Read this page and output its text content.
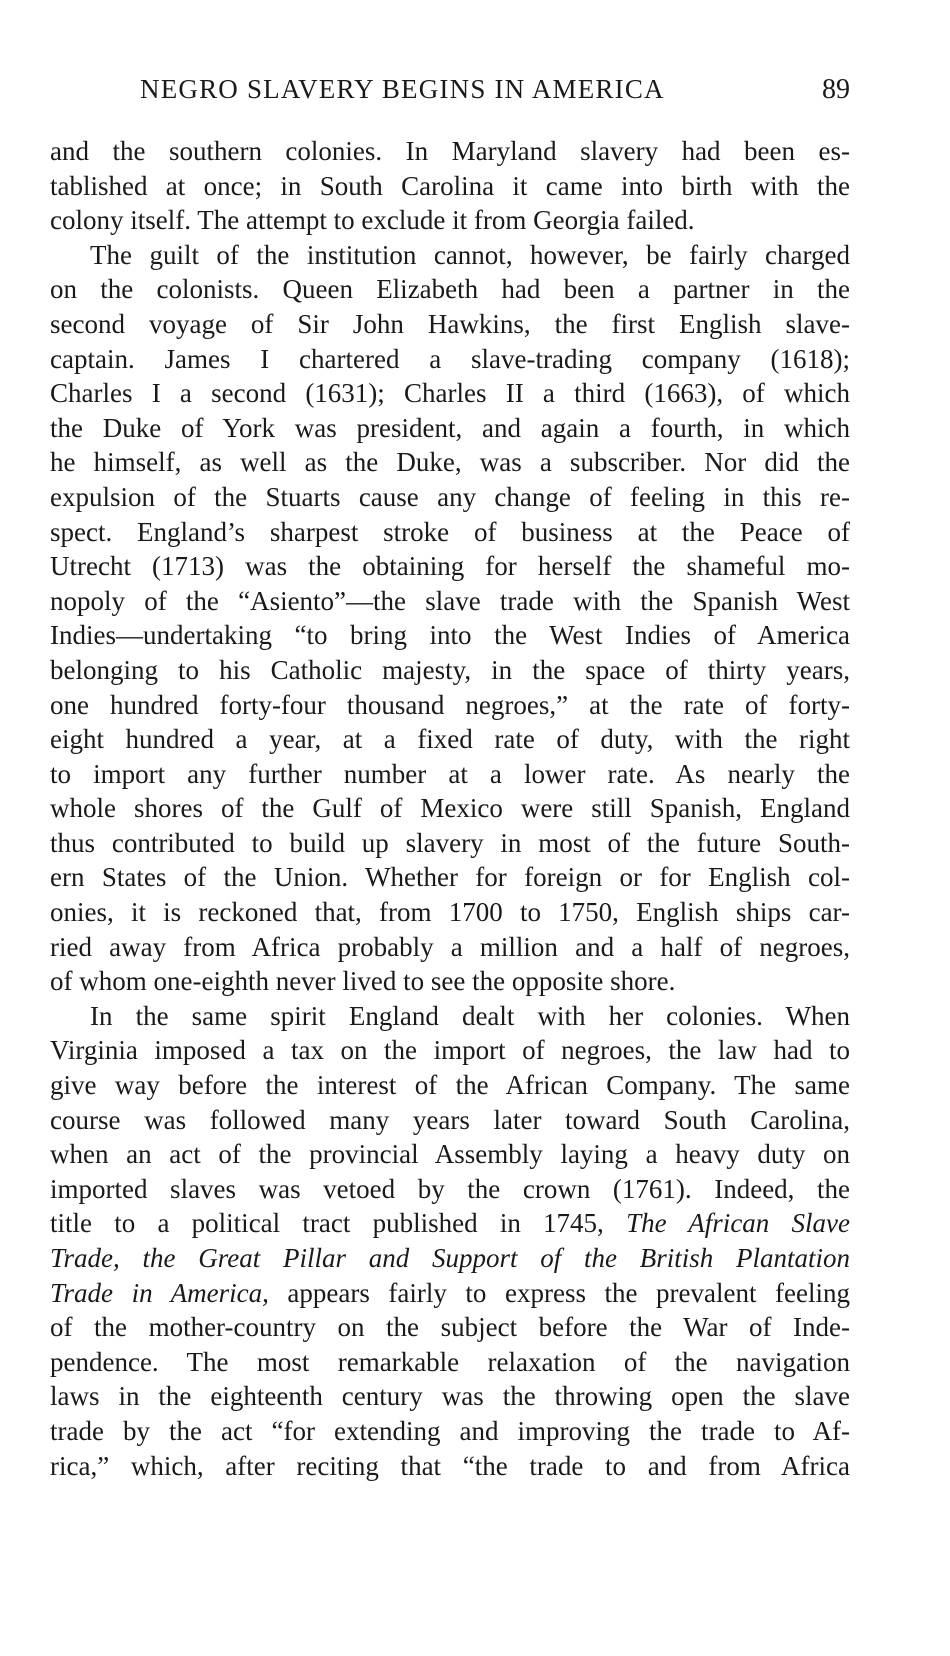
NEGRO SLAVERY BEGINS IN AMERICA	89

and the southern colonies. In Maryland slavery had been es-
tablished at once; in South Carolina it came into birth with the
colony itself. The attempt to exclude it from Georgia failed.

The guilt of the institution cannot, however, be fairly charged
on the colonists. Queen Elizabeth had been a partner in the
second voyage of Sir John Hawkins, the first English slave-
captain. James I chartered a slave-trading company (1618);
Charles I a second (1631); Charles II a third (1663), of which
the Duke of York was president, and again a fourth, in which
he himself, as well as the Duke, was a subscriber. Nor did the
expulsion of the Stuarts cause any change of feeling in this re-
spect. England’s sharpest stroke of business at the Peace of
Utrecht (1713) was the obtaining for herself the shameful mo-
nopoly of the “Asiento”—the slave trade with the Spanish West
Indies—undertaking “to bring into the West Indies of America
belonging to his Catholic majesty, in the space of thirty years,
one hundred forty-four thousand negroes,” at the rate of forty-
eight hundred a year, at a fixed rate of duty, with the right
to import any further number at a lower rate. As nearly the
whole shores of the Gulf of Mexico were still Spanish, England
thus contributed to build up slavery in most of the future South-
ern States of the Union. Whether for foreign or for English col-
onies, it is reckoned that, from 1700 to 1750, English ships car-
ried away from Africa probably a million and a half of negroes,
of whom one-eighth never lived to see the opposite shore.

In the same spirit England dealt with her colonies. When
Virginia imposed a tax on the import of negroes, the law had to
give way before the interest of the African Company. The same
course was followed many years later toward South Carolina,
when an act of the provincial Assembly laying a heavy duty on
imported slaves was vetoed by the crown (1761). Indeed, the
title to a political tract published in 1745, The African Slave
Trade, the Great Pillar and Support of the British Plantation
Trade in America, appears fairly to express the prevalent feeling
of the mother-country on the subject before the War of Inde-
pendence. The most remarkable relaxation of the navigation
laws in the eighteenth century was the throwing open the slave
trade by the act “for extending and improving the trade to Af-
rica,” which, after reciting that “the trade to and from Africa
